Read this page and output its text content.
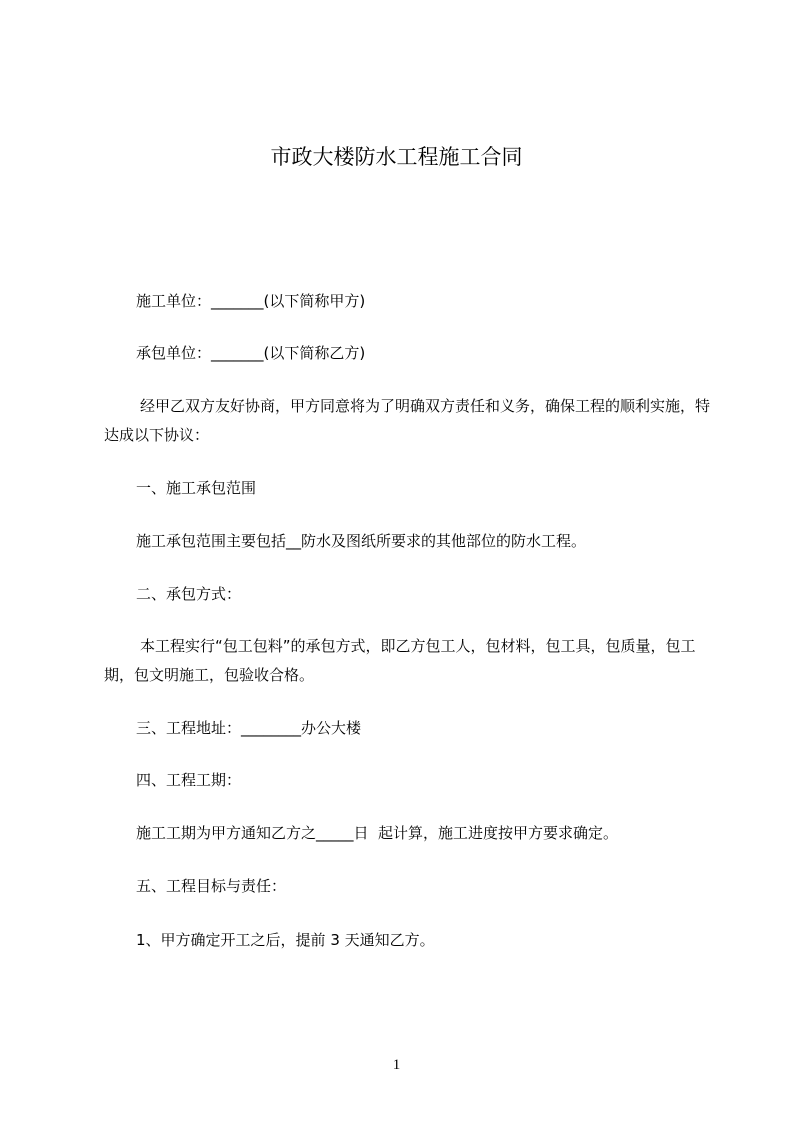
市政大楼防水工程施工合同

施工单位：_______(以下简称甲方)

承包单位：_______(以下简称乙方)

经甲乙双方友好协商，甲方同意将为了明确双方责任和义务，确保工程的顺利实施，特达成以下协议：

一、施工承包范围

施工承包范围主要包括__防水及图纸所要求的其他部位的防水工程。

二、承包方式：

本工程实行“包工包料”的承包方式，即乙方包工人，包材料，包工具，包质量，包工期，包文明施工，包验收合格。

三、工程地址：________办公大楼

四、工程工期：

施工工期为甲方通知乙方之_____日  起计算，施工进度按甲方要求确定。

五、工程目标与责任：

1、甲方确定开工之后，提前 3 天通知乙方。

1
